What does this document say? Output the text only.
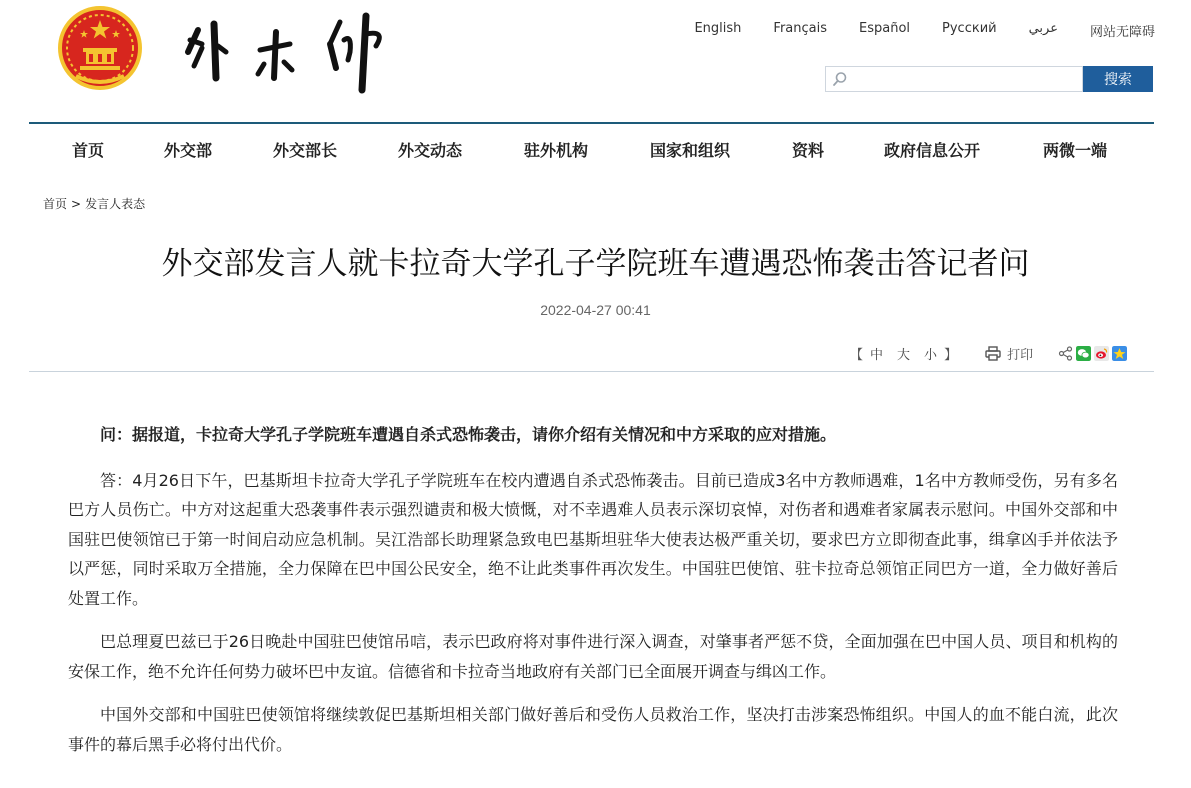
English Français Español Русский عربي 网站无障碍
搜索
首页	外交部	外交部长	外交动态	驻外机构	国家和组织	资料	政府信息公开	两微一端
首页 > 发言人表态
外交部发言人就卡拉奇大学孔子学院班车遭遇恐怖袭击答记者问
2022-04-27 00:41
【 中 大 小 】	打印

问：据报道，卡拉奇大学孔子学院班车遭遇自杀式恐怖袭击，请你介绍有关情况和中方采取的应对措施。

答：4月26日下午，巴基斯坦卡拉奇大学孔子学院班车在校内遭遇自杀式恐怖袭击。目前已造成3名中方教师遇难，1名中方教师受伤，另有多名巴方人员伤亡。中方对这起重大恐袭事件表示强烈谴责和极大愤慨，对不幸遇难人员表示深切哀悼，对伤者和遇难者家属表示慰问。中国外交部和中国驻巴使领馆已于第一时间启动应急机制。吴江浩部长助理紧急致电巴基斯坦驻华大使表达极严重关切，要求巴方立即彻查此事，缉拿凶手并依法予以严惩，同时采取万全措施，全力保障在巴中国公民安全，绝不让此类事件再次发生。中国驻巴使馆、驻卡拉奇总领馆正同巴方一道，全力做好善后处置工作。

巴总理夏巴兹已于26日晚赴中国驻巴使馆吊唁，表示巴政府将对事件进行深入调查，对肇事者严惩不贷，全面加强在巴中国人员、项目和机构的安保工作，绝不允许任何势力破坏巴中友谊。信德省和卡拉奇当地政府有关部门已全面展开调查与缉凶工作。

中国外交部和中国驻巴使领馆将继续敦促巴基斯坦相关部门做好善后和受伤人员救治工作，坚决打击涉案恐怖组织。中国人的血不能白流，此次事件的幕后黑手必将付出代价。
